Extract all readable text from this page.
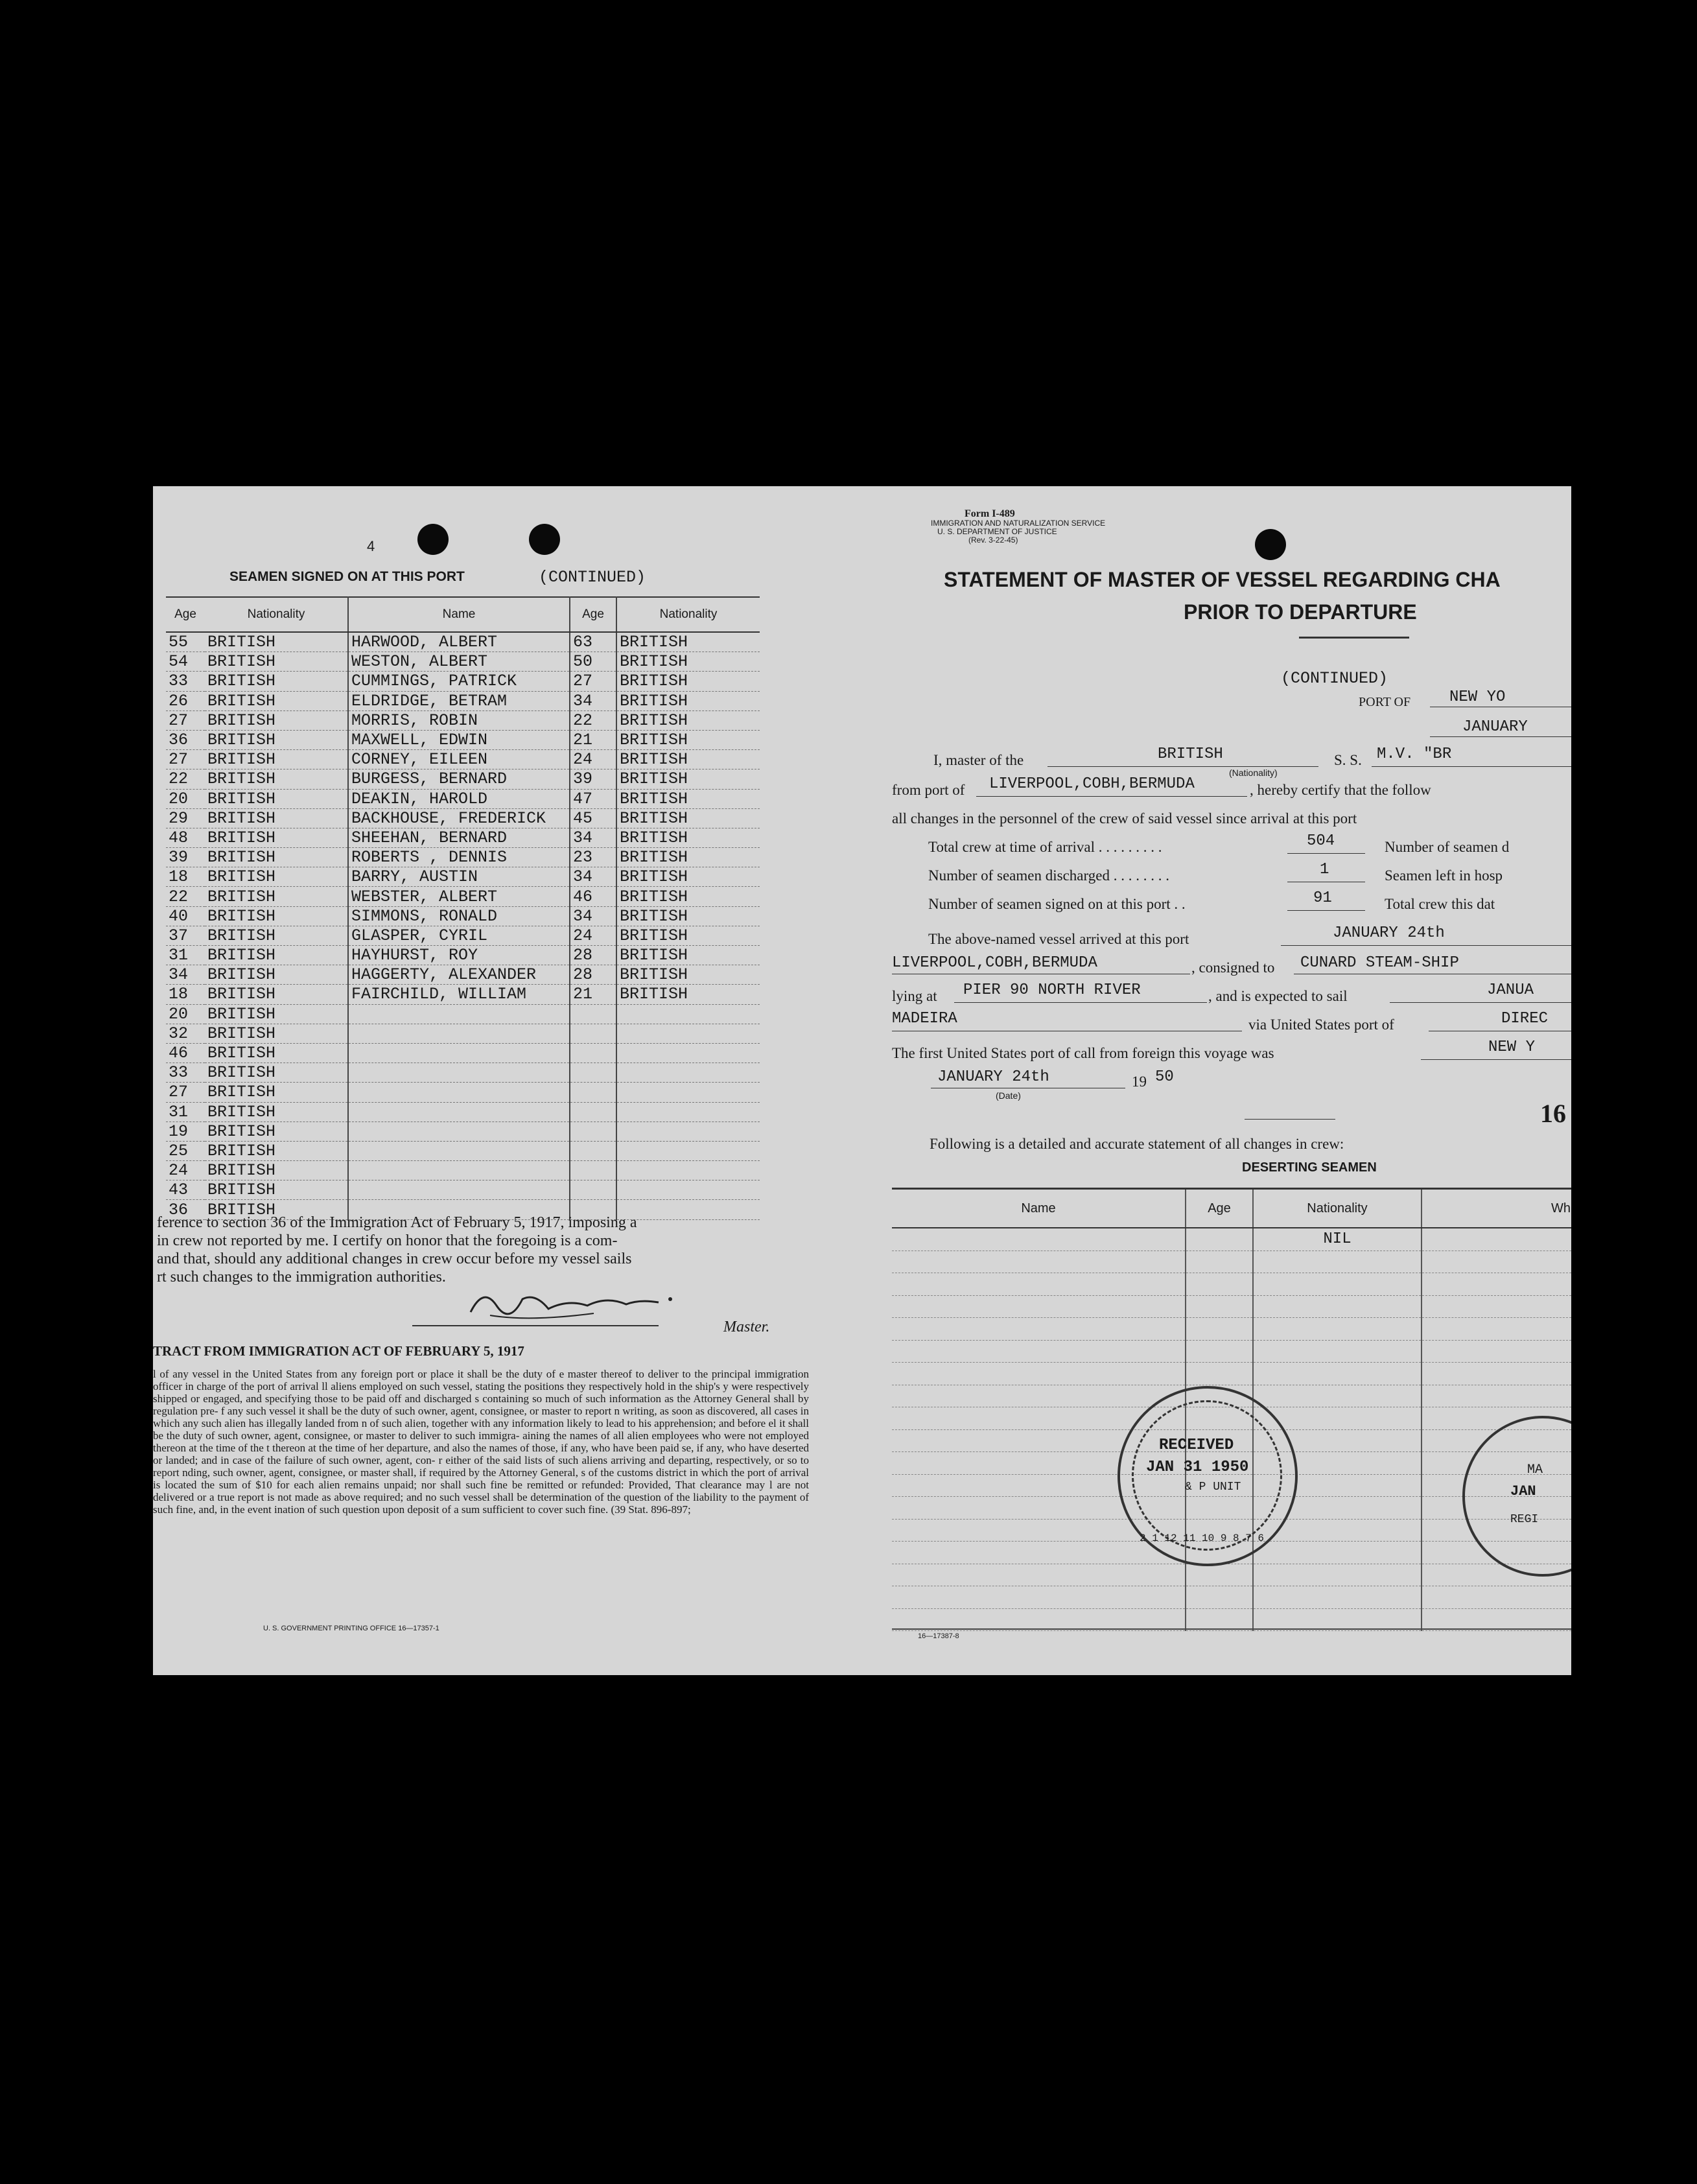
4
SEAMEN SIGNED ON AT THIS PORT	(CONTINUED)
Age	Nationality	Name	Age	Nationality
55	BRITISH	HARWOOD, ALBERT	63	BRITISH
54	BRITISH	WESTON, ALBERT	50	BRITISH
33	BRITISH	CUMMINGS, PATRICK	27	BRITISH
26	BRITISH	ELDRIDGE, BETRAM	34	BRITISH
27	BRITISH	MORRIS, ROBIN	22	BRITISH
36	BRITISH	MAXWELL, EDWIN	21	BRITISH
27	BRITISH	CORNEY, EILEEN	24	BRITISH
22	BRITISH	BURGESS, BERNARD	39	BRITISH
20	BRITISH	DEAKIN, HAROLD	47	BRITISH
29	BRITISH	BACKHOUSE, FREDERICK	45	BRITISH
48	BRITISH	SHEEHAN, BERNARD	34	BRITISH
39	BRITISH	ROBERTS , DENNIS	23	BRITISH
18	BRITISH	BARRY, AUSTIN	34	BRITISH
22	BRITISH	WEBSTER, ALBERT	46	BRITISH
40	BRITISH	SIMMONS, RONALD	34	BRITISH
37	BRITISH	GLASPER, CYRIL	24	BRITISH
31	BRITISH	HAYHURST, ROY	28	BRITISH
34	BRITISH	HAGGERTY, ALEXANDER	28	BRITISH
18	BRITISH	FAIRCHILD, WILLIAM	21	BRITISH
20	BRITISH			
32	BRITISH			
46	BRITISH			
33	BRITISH			
27	BRITISH			
31	BRITISH			
19	BRITISH			
25	BRITISH			
24	BRITISH			
43	BRITISH			
36	BRITISH			
ference to section 36 of the Immigration Act of February 5, 1917, imposing a
in crew not reported by me. I certify on honor that the foregoing is a com-
and that, should any additional changes in crew occur before my vessel sails
rt such changes to the immigration authorities.
Master.
TRACT FROM IMMIGRATION ACT OF FEBRUARY 5, 1917
l of any vessel in the United States from any foreign port or place it shall be the duty of e master thereof to deliver to the principal immigration officer in charge of the port of arrival ll aliens employed on such vessel, stating the positions they respectively hold in the ship's y were respectively shipped or engaged, and specifying those to be paid off and discharged s containing so much of such information as the Attorney General shall by regulation pre- f any such vessel it shall be the duty of such owner, agent, consignee, or master to report n writing, as soon as discovered, all cases in which any such alien has illegally landed from n of such alien, together with any information likely to lead to his apprehension; and before el it shall be the duty of such owner, agent, consignee, or master to deliver to such immigra- aining the names of all alien employees who were not employed thereon at the time of the t thereon at the time of her departure, and also the names of those, if any, who have been paid se, if any, who have deserted or landed; and in case of the failure of such owner, agent, con- r either of the said lists of such aliens arriving and departing, respectively, or so to report nding, such owner, agent, consignee, or master shall, if required by the Attorney General, s of the customs district in which the port of arrival is located the sum of $10 for each alien remains unpaid; nor shall such fine be remitted or refunded: Provided, That clearance may l are not delivered or a true report is not made as above required; and no such vessel shall be determination of the question of the liability to the payment of such fine, and, in the event ination of such question upon deposit of a sum sufficient to cover such fine. (39 Stat. 896-897;
U. S. GOVERNMENT PRINTING OFFICE 16—17357-1
Form I-489
IMMIGRATION AND NATURALIZATION SERVICE
U. S. DEPARTMENT OF JUSTICE
(Rev. 3-22-45)
STATEMENT OF MASTER OF VESSEL REGARDING CHA
PRIOR TO DEPARTURE
(CONTINUED)
PORT OF NEW YO
JANUARY
I, master of the	BRITISH
(Nationality)
S. S. M.V. "BR
from port of LIVERPOOL,COBH,BERMUDA	, hereby certify that the follow
all changes in the personnel of the crew of said vessel since arrival at this port
Total crew at time of arrival . . . . . . . . .	504	Number of seamen d
Number of seamen discharged . . . . . . . .	1	Seamen left in hosp
Number of seamen signed on at this port . .	91	Total crew this dat
The above-named vessel arrived at this port	JANUARY 24th
LIVERPOOL,COBH,BERMUDA	, consigned to CUNARD STEAM-SHIP
lying at PIER 90 NORTH RIVER	, and is expected to sail	JANUA
MADEIRA	via United States port of	DIREC
The first United States port of call from foreign this voyage was	NEW Y
JANUARY 24th	19 50
(Date)
16
Following is a detailed and accurate statement of all changes in crew:
DESERTING SEAMEN
Name	Age	Nationality	Wh
		NIL	

RECEIVED
JAN 31 1950
& P UNIT
2 1 12 11 10 9 8 7 6
MA
JAN
REGI
16—17387-8
